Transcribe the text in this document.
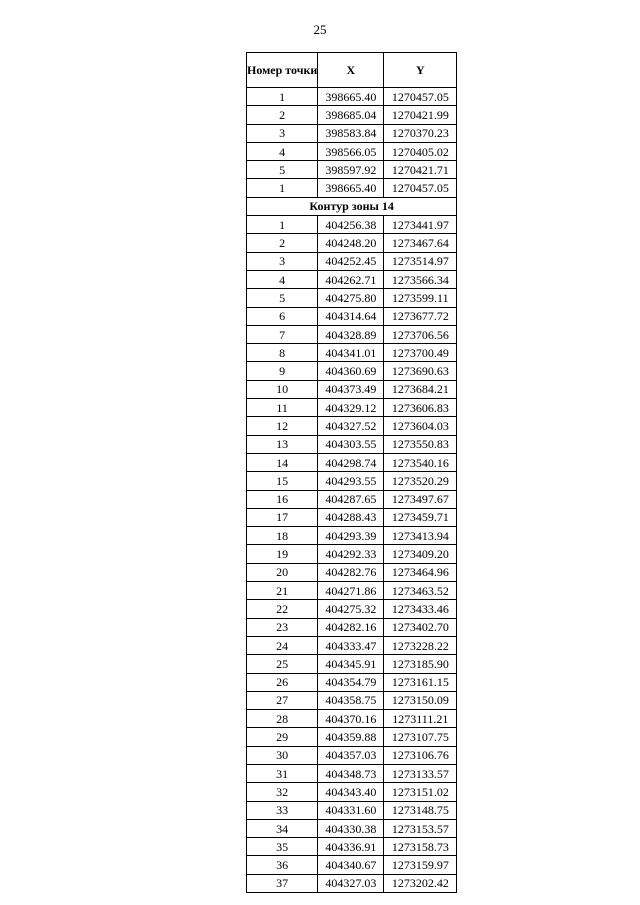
25
Номер точки	X	Y
1	398665.40	1270457.05
2	398685.04	1270421.99
3	398583.84	1270370.23
4	398566.05	1270405.02
5	398597.92	1270421.71
1	398665.40	1270457.05
Контур зоны 14		
1	404256.38	1273441.97
2	404248.20	1273467.64
3	404252.45	1273514.97
4	404262.71	1273566.34
5	404275.80	1273599.11
6	404314.64	1273677.72
7	404328.89	1273706.56
8	404341.01	1273700.49
9	404360.69	1273690.63
10	404373.49	1273684.21
11	404329.12	1273606.83
12	404327.52	1273604.03
13	404303.55	1273550.83
14	404298.74	1273540.16
15	404293.55	1273520.29
16	404287.65	1273497.67
17	404288.43	1273459.71
18	404293.39	1273413.94
19	404292.33	1273409.20
20	404282.76	1273464.96
21	404271.86	1273463.52
22	404275.32	1273433.46
23	404282.16	1273402.70
24	404333.47	1273228.22
25	404345.91	1273185.90
26	404354.79	1273161.15
27	404358.75	1273150.09
28	404370.16	1273111.21
29	404359.88	1273107.75
30	404357.03	1273106.76
31	404348.73	1273133.57
32	404343.40	1273151.02
33	404331.60	1273148.75
34	404330.38	1273153.57
35	404336.91	1273158.73
36	404340.67	1273159.97
37	404327.03	1273202.42
